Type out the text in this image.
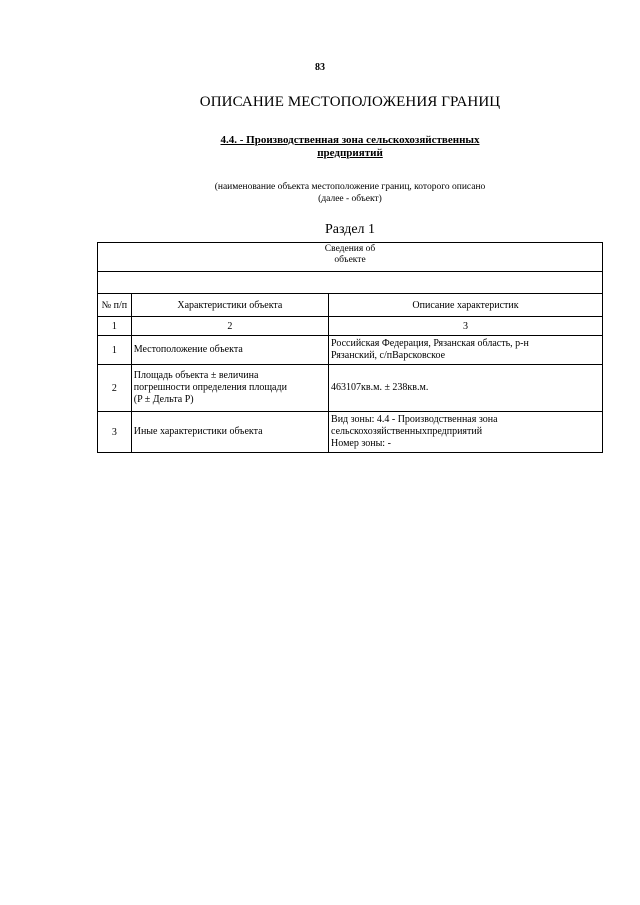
83
ОПИСАНИЕ МЕСТОПОЛОЖЕНИЯ ГРАНИЦ
4.4. - Производственная зона сельскохозяйственных
предприятий
(наименование объекта местоположение границ, которого описано
(далее - объект)
Раздел 1
Сведения об
объекте		

№ п/п	Характеристики объекта	Описание характеристик
1	2	3
1	Местоположение объекта	Российская Федерация, Рязанская область, р-н
Рязанский, с/пВарсковское

2	Площадь объекта ± величина
погрешности определения площади
(P ± Дельта P)	463107кв.м. ± 238кв.м.

3	Иные характеристики объекта	Вид зоны: 4.4 - Производственная зона
сельскохозяйственныхпредприятий
Номер зоны: -
